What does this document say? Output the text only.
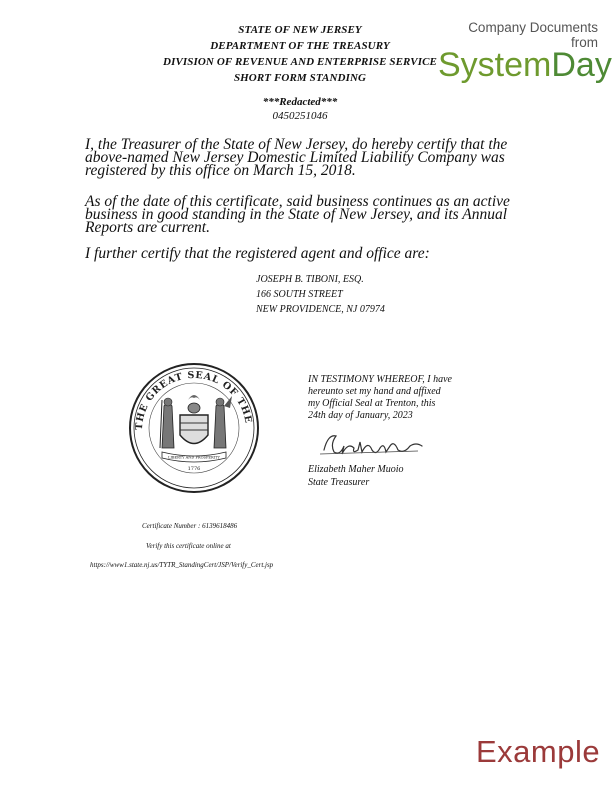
STATE OF NEW JERSEY
DEPARTMENT OF THE TREASURY
DIVISION OF REVENUE AND ENTERPRISE SERVICE
SHORT FORM STANDING
***Redacted***
0450251046
Company Documents from
SystemDay
I, the Treasurer of the State of New Jersey, do hereby certify that the
above-named New Jersey Domestic Limited Liability Company was
registered by this office on March 15, 2018.
As of the date of this certificate, said business continues as an active
business in good standing in the State of New Jersey, and its Annual
Reports are current.
I further certify that the registered agent and office are:
JOSEPH B. TIBONI, ESQ.
166 SOUTH STREET
NEW PROVIDENCE, NJ 07974
THE GREAT SEAL OF THE
LIBERTY AND PROSPERITY
1776
IN TESTIMONY WHEREOF, I have
hereunto set my hand and affixed
my Official Seal at Trenton, this
24th day of January, 2023
Elizabeth Maher Muoio
State Treasurer
Certificate Number : 6139618486
Verify this certificate online at
https://www1.state.nj.us/TYTR_StandingCert/JSP/Verify_Cert.jsp
Example
